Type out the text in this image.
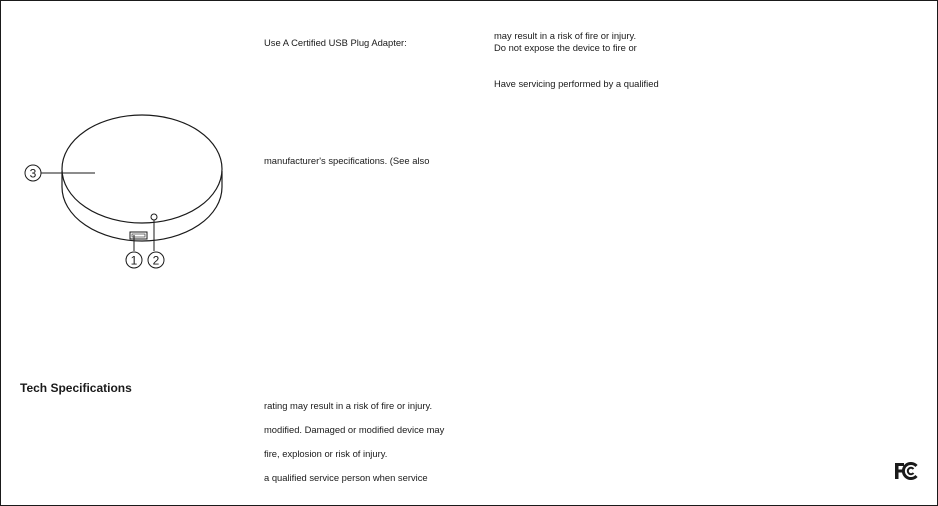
1 2
3
Tech Specifications
Use A Certified USB Plug Adapter:
manufacturer's specifications. (See also
rating may result in a risk of fire or injury.
modified. Damaged or modified device may
fire, explosion or risk of injury.
a qualified service person when service
may result in a risk of fire or injury.
Do not expose the device to fire or
Have servicing performed by a qualified
